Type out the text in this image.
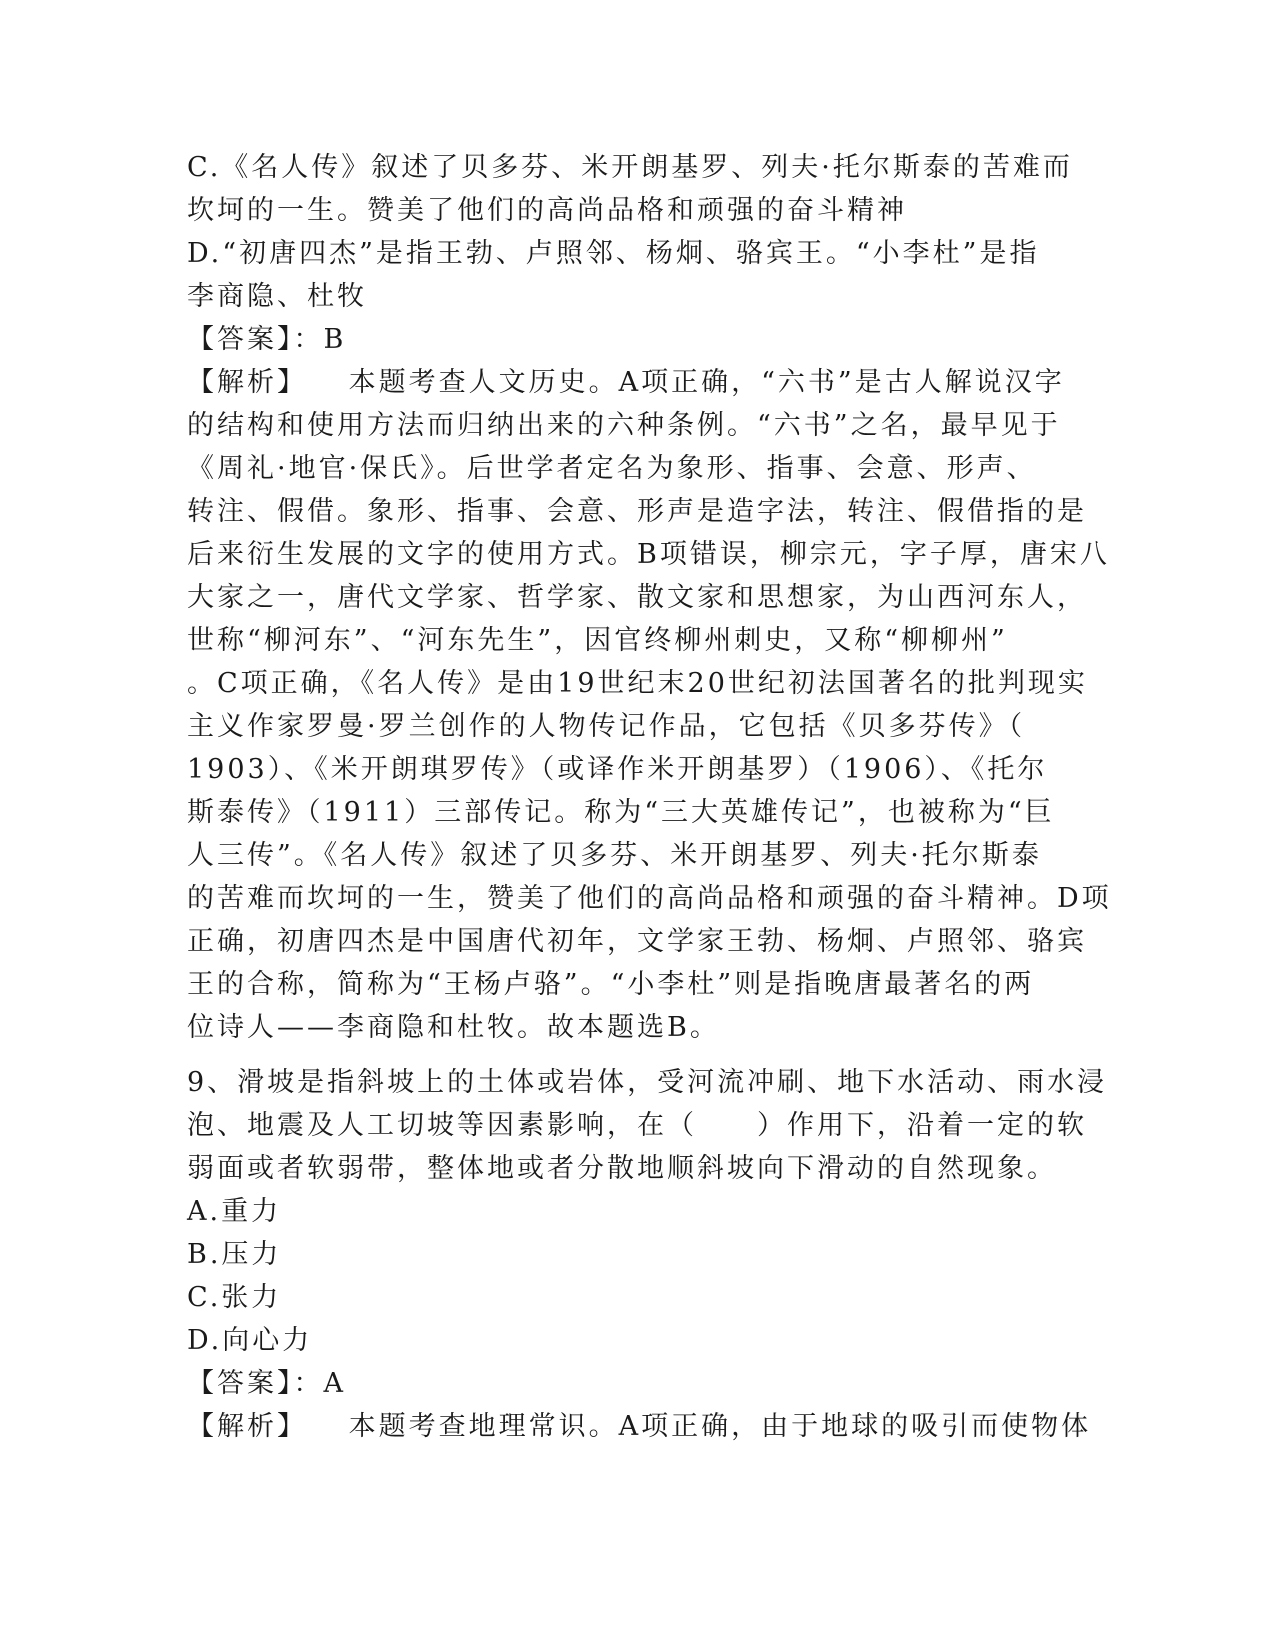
C.《名人传》叙述了贝多芬、米开朗基罗、列夫·托尔斯泰的苦难而
坎坷的一生。赞美了他们的高尚品格和顽强的奋斗精神
D.“初唐四杰”是指王勃、卢照邻、杨炯、骆宾王。“小李杜”是指
李商隐、杜牧
【答案】：B
【解析】 本题考查人文历史。A项正确，“六书”是古人解说汉字
的结构和使用方法而归纳出来的六种条例。“六书”之名，最早见于
《周礼·地官·保氏》。后世学者定名为象形、指事、会意、形声、
转注、假借。象形、指事、会意、形声是造字法，转注、假借指的是
后来衍生发展的文字的使用方式。B项错误，柳宗元，字子厚，唐宋八
大家之一，唐代文学家、哲学家、散文家和思想家，为山西河东人，
世称“柳河东”、“河东先生”，因官终柳州刺史，又称“柳柳州”
。C项正确，《名人传》是由19世纪末20世纪初法国著名的批判现实
主义作家罗曼·罗兰创作的人物传记作品，它包括《贝多芬传》（
1903）、《米开朗琪罗传》（或译作米开朗基罗）（1906）、《托尔
斯泰传》（1911）三部传记。称为“三大英雄传记”，也被称为“巨
人三传”。《名人传》叙述了贝多芬、米开朗基罗、列夫·托尔斯泰
的苦难而坎坷的一生，赞美了他们的高尚品格和顽强的奋斗精神。D项
正确，初唐四杰是中国唐代初年，文学家王勃、杨炯、卢照邻、骆宾
王的合称，简称为“王杨卢骆”。“小李杜”则是指晚唐最著名的两
位诗人——李商隐和杜牧。故本题选B。
9、滑坡是指斜坡上的土体或岩体，受河流冲刷、地下水活动、雨水浸
泡、地震及人工切坡等因素影响，在（　　）作用下，沿着一定的软
弱面或者软弱带，整体地或者分散地顺斜坡向下滑动的自然现象。
A.重力
B.压力
C.张力
D.向心力
【答案】：A
【解析】 本题考查地理常识。A项正确，由于地球的吸引而使物体
